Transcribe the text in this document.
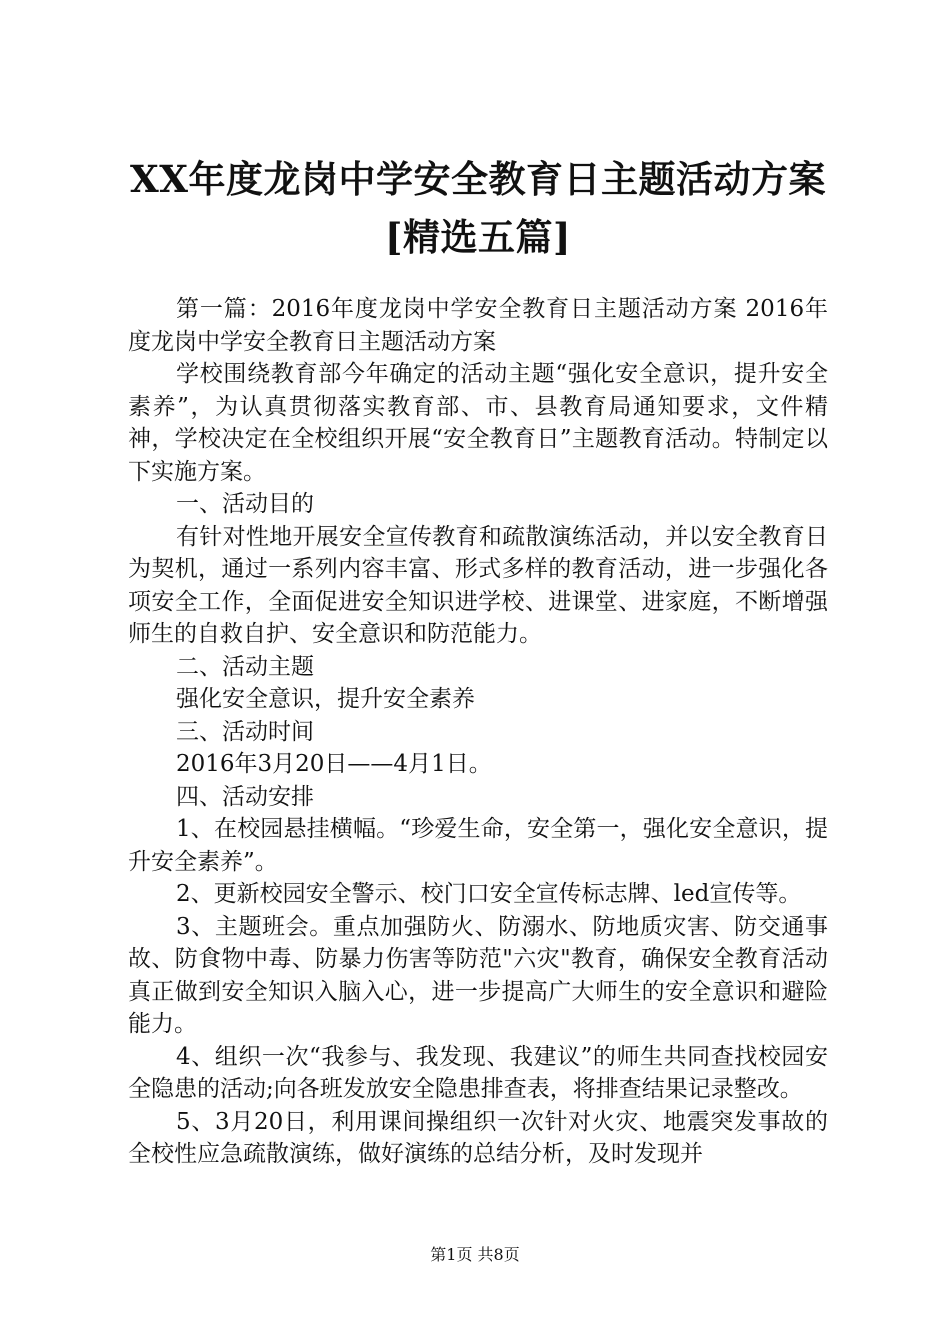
XX年度龙岗中学安全教育日主题活动方案[精选五篇]

第一篇：2016年度龙岗中学安全教育日主题活动方案 2016年度龙岗中学安全教育日主题活动方案

学校围绕教育部今年确定的活动主题“强化安全意识，提升安全素养”，为认真贯彻落实教育部、市、县教育局通知要求，文件精神，学校决定在全校组织开展“安全教育日”主题教育活动。特制定以下实施方案。

一、活动目的

有针对性地开展安全宣传教育和疏散演练活动，并以安全教育日为契机，通过一系列内容丰富、形式多样的教育活动，进一步强化各项安全工作，全面促进安全知识进学校、进课堂、进家庭，不断增强师生的自救自护、安全意识和防范能力。

二、活动主题

强化安全意识，提升安全素养

三、活动时间

2016年3月20日——4月1日。

四、活动安排

1、在校园悬挂横幅。“珍爱生命，安全第一，强化安全意识，提升安全素养”。

2、更新校园安全警示、校门口安全宣传标志牌、led宣传等。

3、主题班会。重点加强防火、防溺水、防地质灾害、防交通事故、防食物中毒、防暴力伤害等防范"六灾"教育，确保安全教育活动真正做到安全知识入脑入心，进一步提高广大师生的安全意识和避险能力。

4、组织一次“我参与、我发现、我建议”的师生共同查找校园安全隐患的活动;向各班发放安全隐患排查表，将排查结果记录整改。

5、3月20日，利用课间操组织一次针对火灾、地震突发事故的全校性应急疏散演练，做好演练的总结分析，及时发现并

第1页 共8页
